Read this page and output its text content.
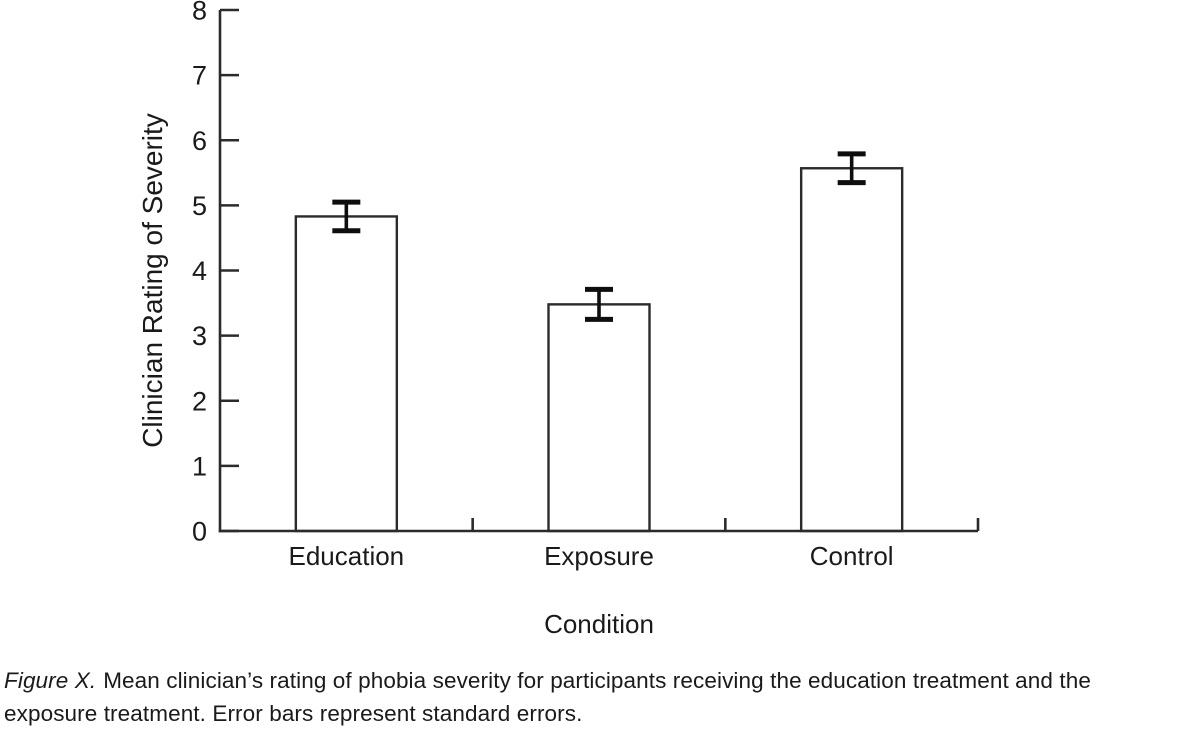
Education	Exposure	Control
0
1
2
3
4
5
6
7
8
Condition
Clinician Rating of Severity

Figure X. Mean clinician’s rating of phobia severity for participants receiving the education treatment and the exposure treatment. Error bars represent standard errors.
